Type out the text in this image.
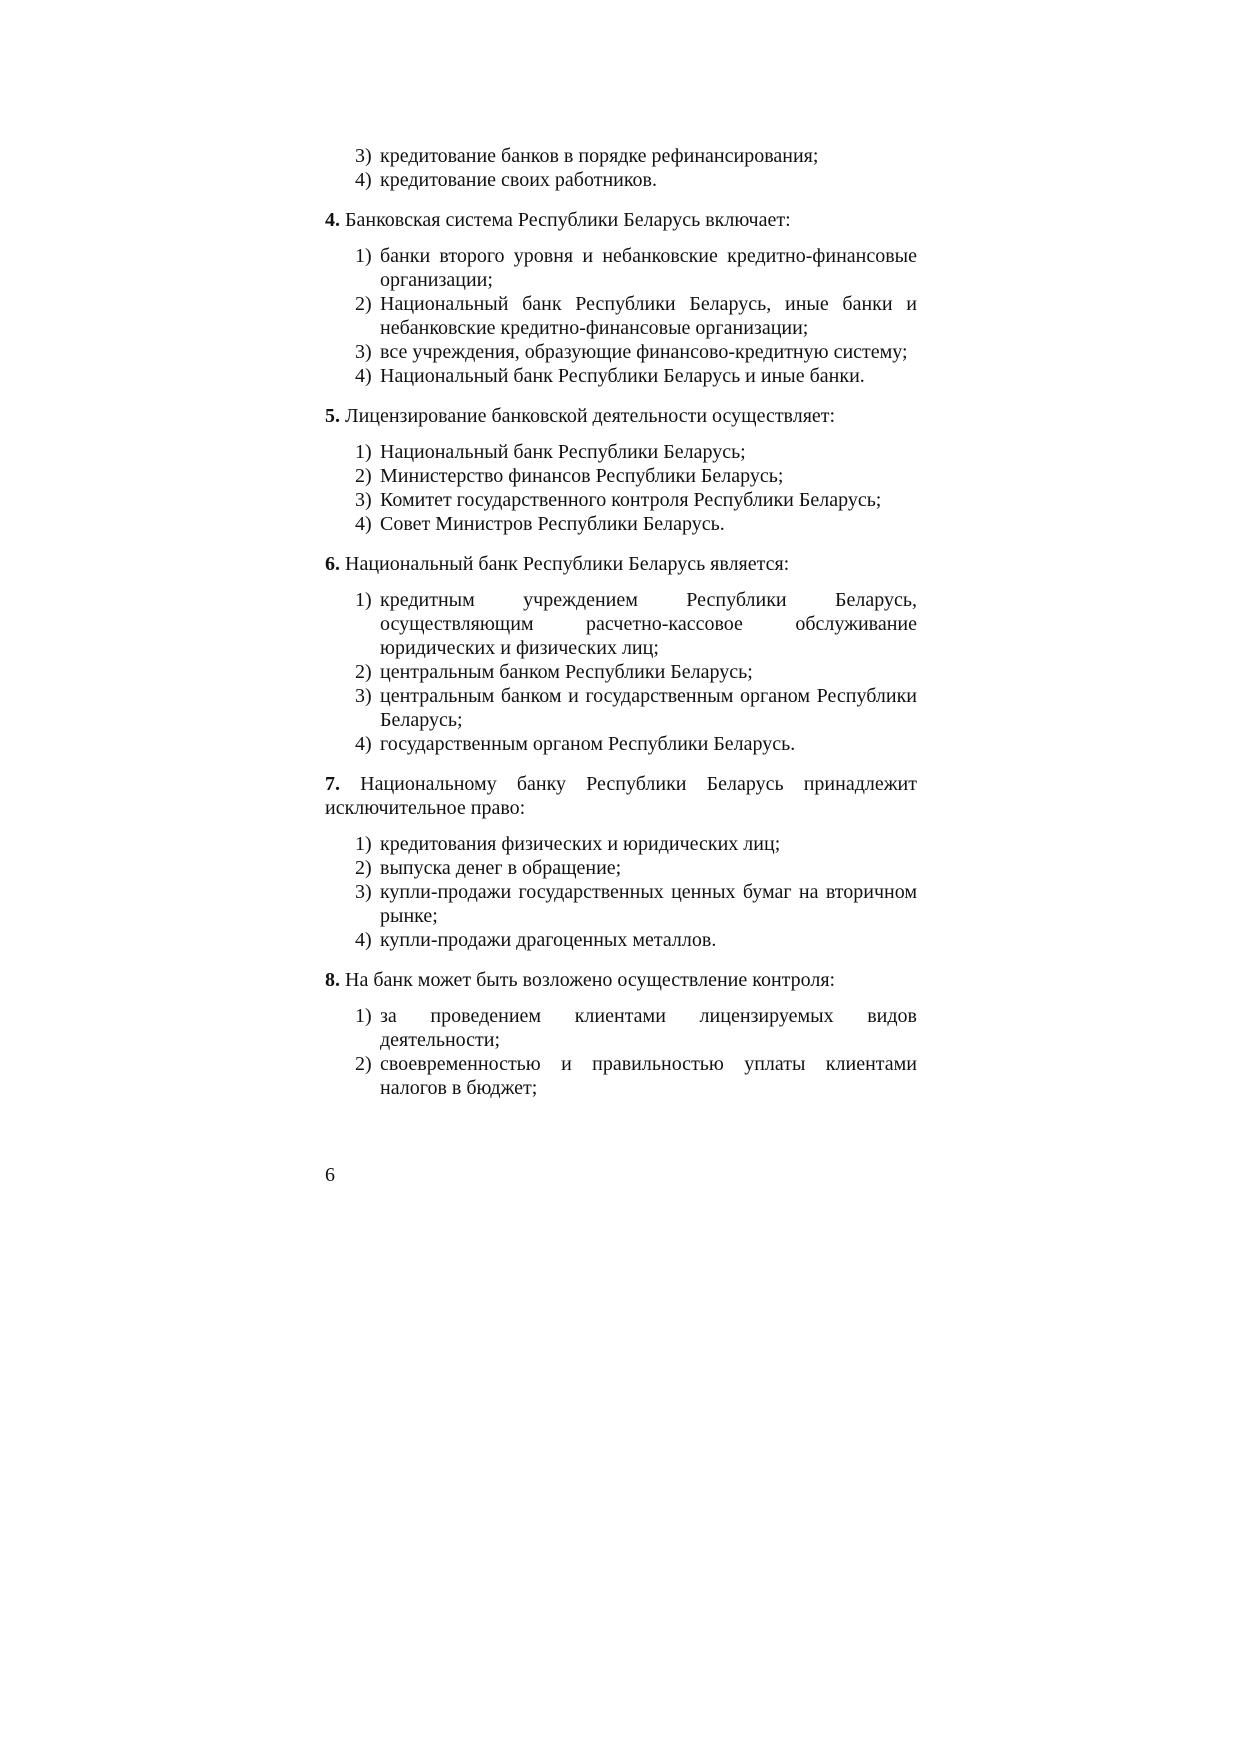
3) кредитование банков в порядке рефинансирования;
4) кредитование своих работников.

4. Банковская система Республики Беларусь включает:

1) банки второго уровня и небанковские кредитно-финансовые организации;
2) Национальный банк Республики Беларусь, иные банки и небанковские кредитно-финансовые организации;
3) все учреждения, образующие финансово-кредитную систему;
4) Национальный банк Республики Беларусь и иные банки.

5. Лицензирование банковской деятельности осуществляет:

1) Национальный банк Республики Беларусь;
2) Министерство финансов Республики Беларусь;
3) Комитет государственного контроля Республики Беларусь;
4) Совет Министров Республики Беларусь.

6. Национальный банк Республики Беларусь является:

1) кредитным учреждением Республики Беларусь, осуществляющим расчетно-кассовое обслуживание юридических и физических лиц;
2) центральным банком Республики Беларусь;
3) центральным банком и государственным органом Республики Беларусь;
4) государственным органом Республики Беларусь.

7. Национальному банку Республики Беларусь принадлежит исключительное право:

1) кредитования физических и юридических лиц;
2) выпуска денег в обращение;
3) купли-продажи государственных ценных бумаг на вторичном рынке;
4) купли-продажи драгоценных металлов.

8. На банк может быть возложено осуществление контроля:

1) за проведением клиентами лицензируемых видов деятельности;
2) своевременностью и правильностью уплаты клиентами налогов в бюджет;
6
